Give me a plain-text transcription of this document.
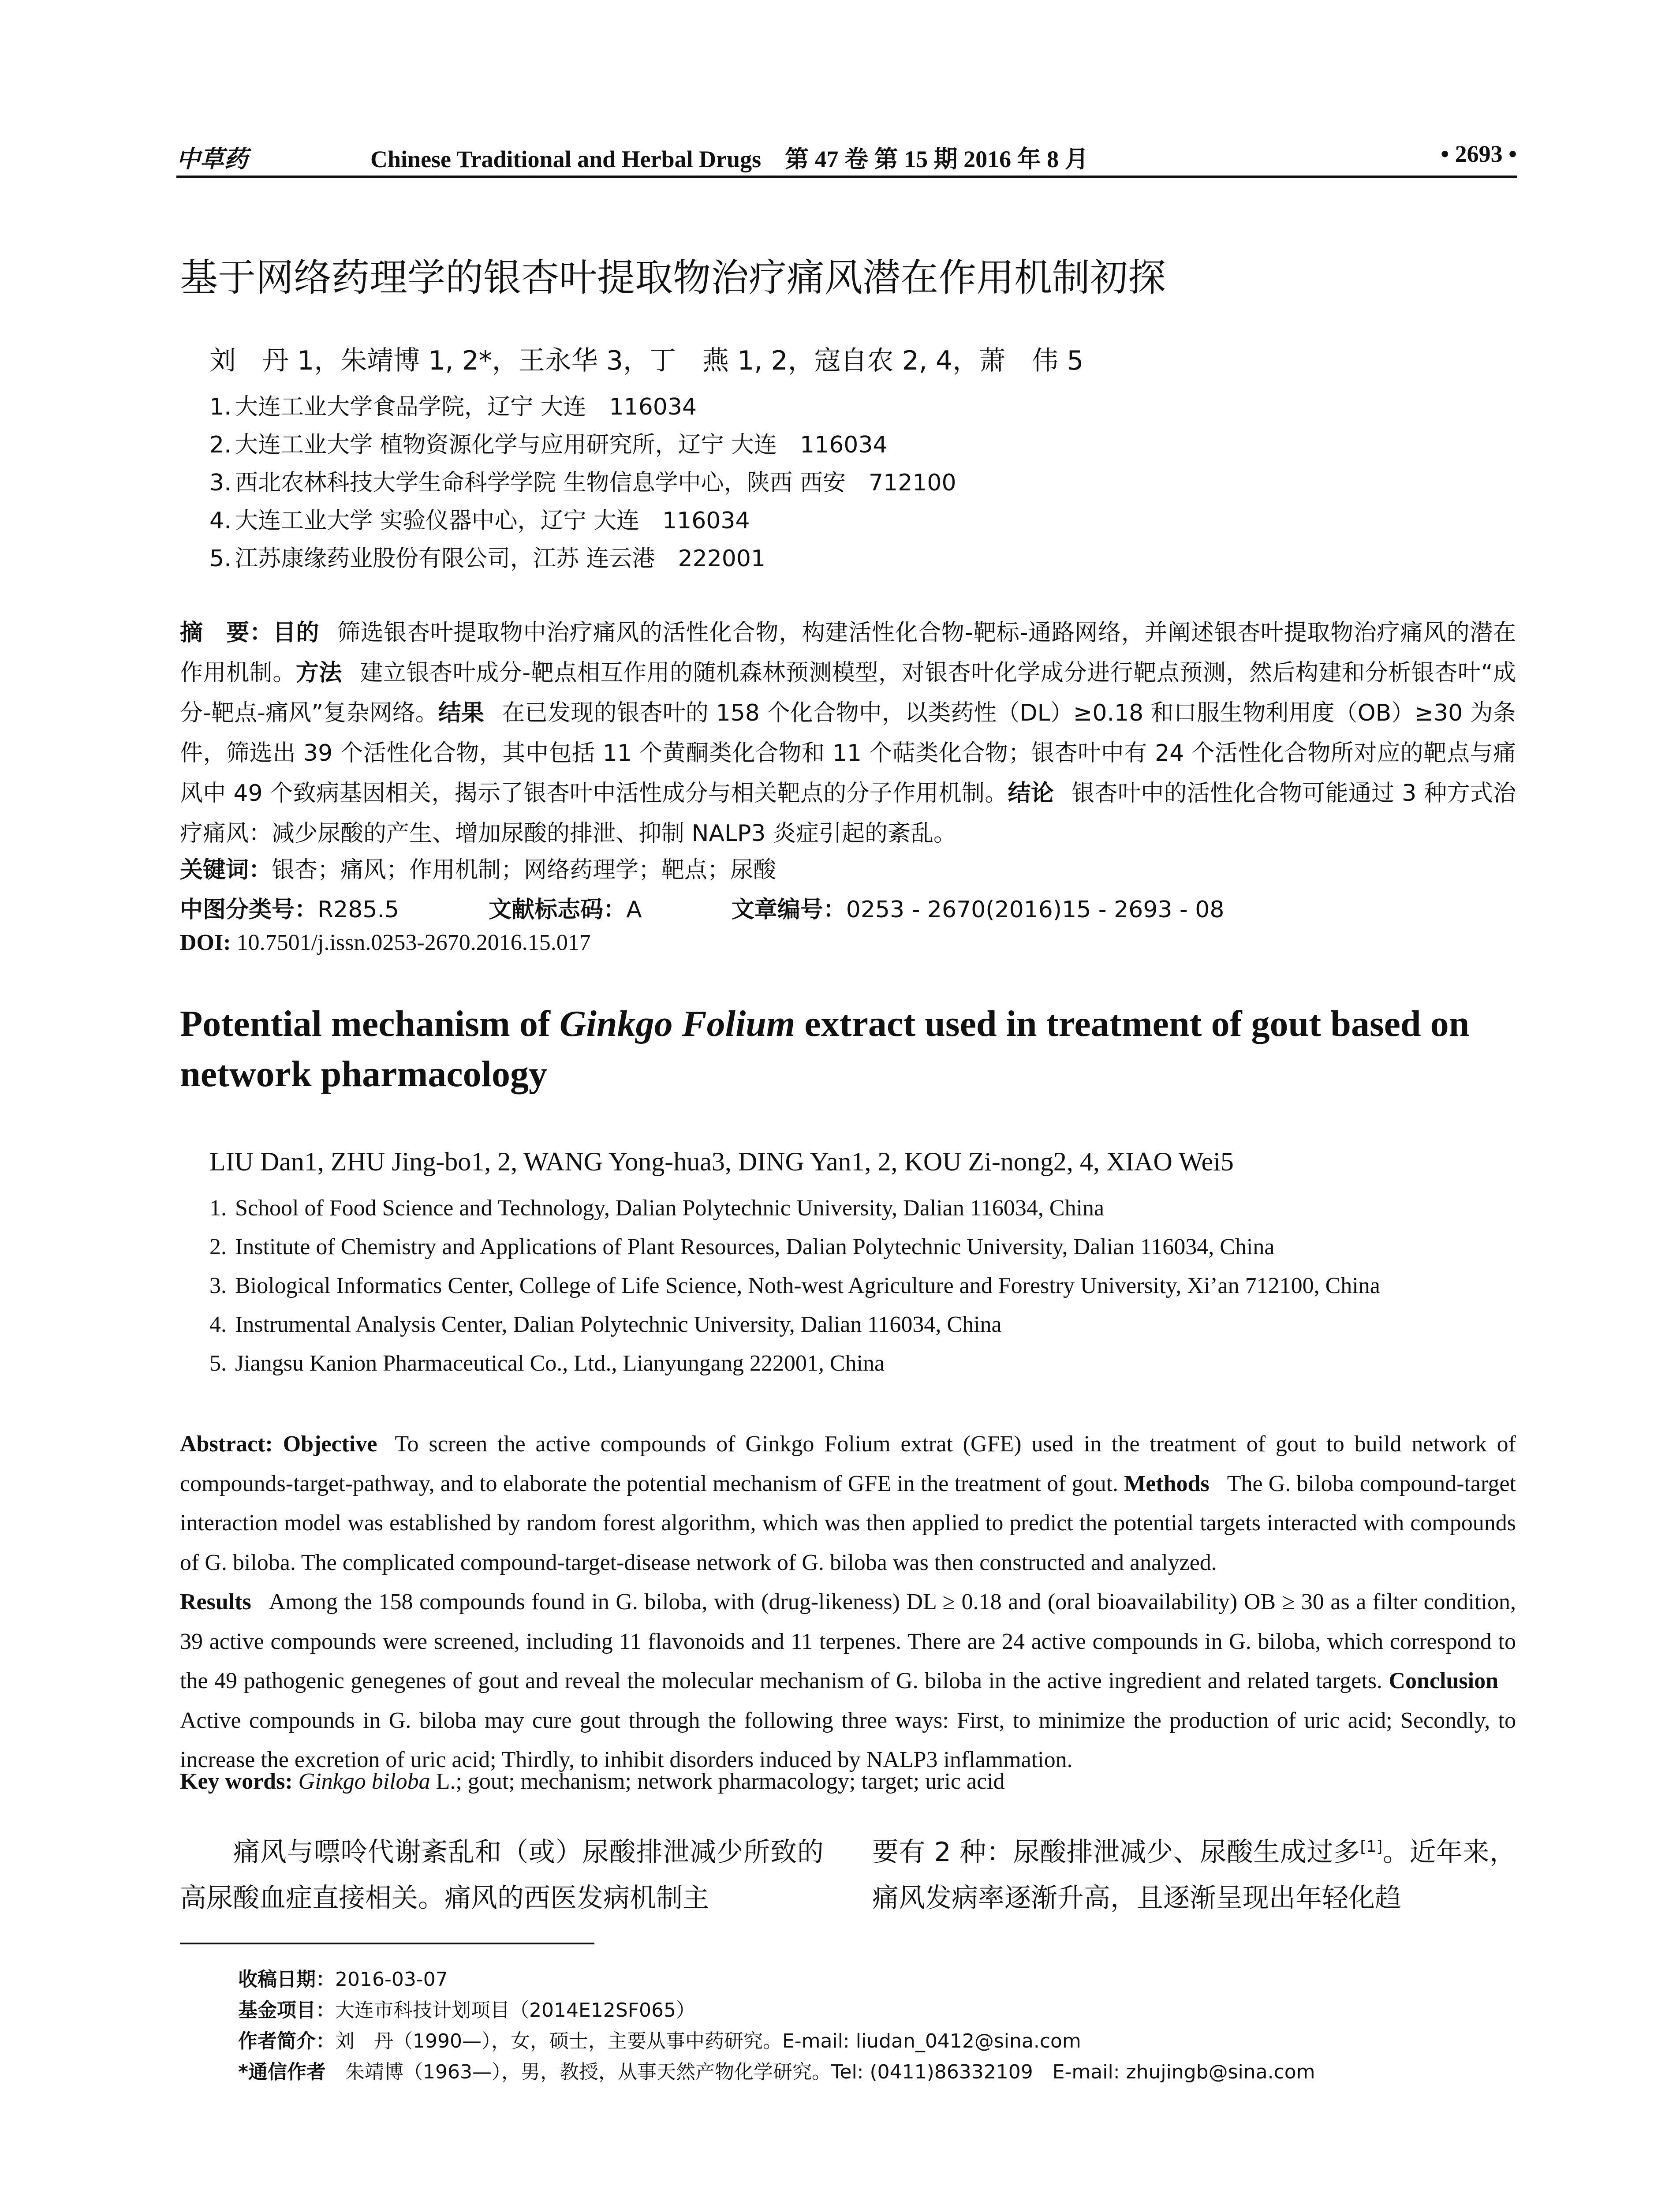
中草药	Chinese Traditional and Herbal Drugs　第 47 卷 第 15 期 2016 年 8 月	• 2693 •
基于网络药理学的银杏叶提取物治疗痛风潜在作用机制初探
刘　丹 1，朱靖博 1, 2*，王永华 3，丁　燕 1, 2，寇自农 2, 4，萧　伟 5
1. 大连工业大学食品学院，辽宁 大连　116034
2. 大连工业大学 植物资源化学与应用研究所，辽宁 大连　116034
3. 西北农林科技大学生命科学学院 生物信息学中心，陕西 西安　712100
4. 大连工业大学 实验仪器中心，辽宁 大连　116034
5. 江苏康缘药业股份有限公司，江苏 连云港　222001
摘　要：目的 筛选银杏叶提取物中治疗痛风的活性化合物，构建活性化合物-靶标-通路网络，并阐述银杏叶提取物治疗痛风的潜在作用机制。方法 建立银杏叶成分-靶点相互作用的随机森林预测模型，对银杏叶化学成分进行靶点预测，然后构建和分析银杏叶“成分-靶点-痛风”复杂网络。结果 在已发现的银杏叶的 158 个化合物中，以类药性（DL）≥0.18 和口服生物利用度（OB）≥30 为条件，筛选出 39 个活性化合物，其中包括 11 个黄酮类化合物和 11 个萜类化合物；银杏叶中有 24 个活性化合物所对应的靶点与痛风中 49 个致病基因相关，揭示了银杏叶中活性成分与相关靶点的分子作用机制。结论 银杏叶中的活性化合物可能通过 3 种方式治疗痛风：减少尿酸的产生、增加尿酸的排泄、抑制 NALP3 炎症引起的紊乱。
关键词：银杏；痛风；作用机制；网络药理学；靶点；尿酸
中图分类号：R285.5	文献标志码：A	文章编号：0253 - 2670(2016)15 - 2693 - 08
DOI: 10.7501/j.issn.0253-2670.2016.15.017
Potential mechanism of Ginkgo Folium extract used in treatment of gout based on network pharmacology
LIU Dan1, ZHU Jing-bo1, 2, WANG Yong-hua3, DING Yan1, 2, KOU Zi-nong2, 4, XIAO Wei5
1. School of Food Science and Technology, Dalian Polytechnic University, Dalian 116034, China
2. Institute of Chemistry and Applications of Plant Resources, Dalian Polytechnic University, Dalian 116034, China
3. Biological Informatics Center, College of Life Science, Noth-west Agriculture and Forestry University, Xi’an 712100, China
4. Instrumental Analysis Center, Dalian Polytechnic University, Dalian 116034, China
5. Jiangsu Kanion Pharmaceutical Co., Ltd., Lianyungang 222001, China
Abstract: Objective To screen the active compounds of Ginkgo Folium extrat (GFE) used in the treatment of gout to build network of compounds-target-pathway, and to elaborate the potential mechanism of GFE in the treatment of gout. Methods The G. biloba compound-target interaction model was established by random forest algorithm, which was then applied to predict the potential targets interacted with compounds of G. biloba. The complicated compound-target-disease network of G. biloba was then constructed and analyzed.
Results Among the 158 compounds found in G. biloba, with (drug-likeness) DL ≥ 0.18 and (oral bioavailability) OB ≥ 30 as a filter condition, 39 active compounds were screened, including 11 flavonoids and 11 terpenes. There are 24 active compounds in G. biloba, which correspond to the 49 pathogenic genegenes of gout and reveal the molecular mechanism of G. biloba in the active ingredient and related targets. ConclusionActive compounds in G. biloba may cure gout through the following three ways: First, to minimize the production of uric acid; Secondly, to increase the excretion of uric acid; Thirdly, to inhibit disorders induced by NALP3 inflammation.
Key words: Ginkgo biloba L.; gout; mechanism; network pharmacology; target; uric acid
痛风与嘌呤代谢紊乱和（或）尿酸排泄减少所致的高尿酸血症直接相关。痛风的西医发病机制主
要有 2 种：尿酸排泄减少、尿酸生成过多[1]。近年来，痛风发病率逐渐升高，且逐渐呈现出年轻化趋
收稿日期：2016-03-07
基金项目：大连市科技计划项目（2014E12SF065）
作者简介：刘　丹（1990—），女，硕士，主要从事中药研究。E-mail: liudan_0412@sina.com
*通信作者　朱靖博（1963—），男，教授，从事天然产物化学研究。Tel: (0411)86332109　E-mail: zhujingb@sina.com
